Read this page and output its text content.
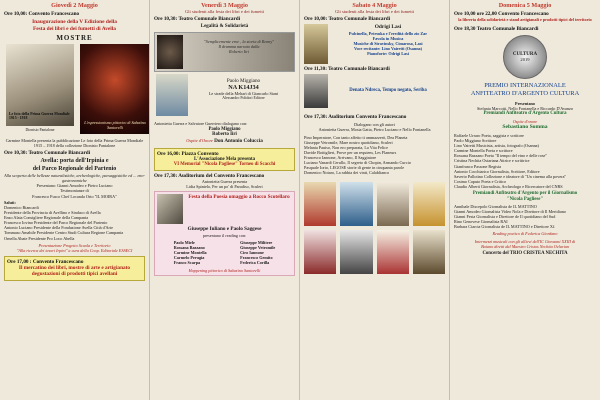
Giovedì 2 Maggio
Ore 10,00: Convento Francescano
Inaugurazione della V Edizione della
Festa dei libri e dei fumetti di Avella
MOSTRE
Le foto della Prima Guerra Mondiale 1915 - 1918
Dionisio Pantalone
L'espressionismo pittorico di Sabatino Santorelli
Carmine Montella presenta la pubblicazione Le foto della Prima Guerra Mondiale 1915 – 1918 della collezione Dionisio Pantalone
Ore 10,30: Teatro Comunale Biancardi
Avella: porta dell'Irpinia e
del Parco Regionale del Partenio
Alla scoperta delle bellezze naturalistiche, archeologiche, paesaggistiche ed ... eno-gastronomiche
Presentano: Gianni Amodeo e Pietro Luciano
Testimonianze di
Francesco Fusco Chef Locanda Orto "IL MOIRA"
Saluti:
Domenico Biancardi
Presidente della Provincia di Avellino e Sindaco di Avella
Enzo Alaia Consigliere Regionale della Campania
Francesco Iovino Presidente del Parco Regionale del Partenio
Antonio Luciano Presidente della Fondazione Avella Città d'Arte
Tommaso Amabile Presidente Centro Studi Cultura Regione Campania
Ornella Abate Presidente Pro Loco Abella
Presentazione Progetto Scuola e Territorio
"Alla ricerca dei tesori Irpini" a cura della Coop. Editoriale ESSECI
Ore 17,00 : Convento Francescano
Il mercatino dei libri, mostre di arte e artigianato degustazioni di prodotti tipici avellani
Venerdì 3 Maggio
Gli studenti alla festa dei libri e dei fumetti
Ore 10,30: Teatro Comunale Biancardi
Legalità & Solidarietà
"Semplicemente eroe , la storia di Renny"
Il dramma narrato dalla
Roberto Iiri
Paolo Miggiano
NA K14J34
Le strade della Meharì di Giancarlo Siani
Alessandro Polidori Editore
Antonietta Guerra e Salvatore Guerriero dialogano con:
Paolo Miggiano
Roberto Iiri
Ospite d'Onore Don Antonio Coluccia
Ore 16,00: Piazza Convento
L'Associazione Mela presenta
VI Memorial "Nicola Pagliese" Torneo di Scacchi
Ore 17,30: Auditorium del Convento Francescano
Antonietta Guerra presenta
Lidia Spinielo, Per un po' di Paradiso, Sculeri
Festa della Poesia omaggio a Rocco Scotellaro
Giuseppe Iuliano e Paolo Saggese
presentano il reading con:
Paolo Miele
Rossana Bazzano
Carmine Montella
Carmelo Perugia
Franco Scarpa
Giuseppe Militere
Giuseppe Vetromile
Ciro Iannone
Francesco Gemito
Federica Corilla
Happening pittorico di Sabatino Santorelli
Sabato 4 Maggio
Gli studenti alla festa dei libri e dei fumetti
Ore 10,00: Teatro Comunale Biancardi
Odrigi Lasi
Pulcinella, Petruska e l'eredità dello zio Zar
Favola in Musica
Musiche di Stravinsky, Cimarosa, Lasi
Voce recitante: Lino Vairetti (Osanna)
Pianoforte: Odrigi Lasi
Ore 11,30: Teatro Comunale Biancardi
Denata Ndreca, Tempo negato, Seriba
Ore 17,30: Auditorium Convento Francescano
Dialogano con gli autori
Antonietta Guerra, Mosia Gatta, Pietro Luciano e Nello Fontanella
Pino Imperatore, Con tanto affetto ti ammazzerò, Dea Planeta
Giuseppe Vetromile, Mare nostro quotidiano, Sculeri
Melania Pauiso, Non ero preparata, La Vita Felice
Davide Bottiglieri, Prove per un requiem, Les Flaneurs
Francesco Iannone, Arrivano, Il Saggiatore
Luciano Vanardi Cerullo, Il segreto di Chopin, Armando Curcio
Pasquale Iorio, LEGOSE storie di gente in cinquanta parole
Domenico Notaro, La rabbia dei vinti, Calablianco
Domenica 5 Maggio
Ore 10,00 ore 22,00 Convento Francescano
la libreria della solidarietà e stand artigianali e prodotti tipici del territorio
Ore 18,30 Teatro Comunale Biancardi
CULTURA
2019
PREMIO INTERNAZIONALE
ANFITEATRO D'ARGENTO CULTURA
Presentano
Stefania Marcotti, Nello Fontanella e Riccardo D'Avanzo
Premiandi Anfiteatro d'Argento Cultura
Ospite d'onore
Sebastiano Somma
Raffaele Urraro Poeta, saggista e scrittore
Paolo Miggiano Scrittore
Lino Vairetti Musicista, artista, fotografo (Osanna)
Carmine Montella Poeta e scrittore
Rossana Bazzano Poeta "Il tempo del vino e delle rose"
Cristina Nechita Ostariana Attrice e scrittrice
Gianfranco Passone Regista
Antonio Cocchiarico Giornalista, Scrittore, Editore
Saverio Pallotino Collezione e ideatore di "Un cinema alla povera"
Cosimo Caputo Poeta e Critico
Claudio Alberti Giornalista, Archeologo e Ricercatore del CNRS
Premiandi Anfiteatro d'Argento per il Giornalismo
"Nicola Pagliese"
Annibale Discepolo Giornalista de IL MATTINO
Gianni Amodeo Giornalista Video Nola e Direttore di Il Meridiano
Gianni Festa Giornalista e Direttore de Il quotidiano del Sud
Rino Genovese Giornalista RAI
Barbara Ciarcia Giornalista de IL MATTINO e Direttore Xf.
Reading poetico di Federica Giordano
Intermezzi musicali con gli allievi dell'IC Giovanni XXIII di
Baiano diretti dal Maestro Cristos Nechita Oelarian
Concerto del TRIO CRISTEA NECHITA
